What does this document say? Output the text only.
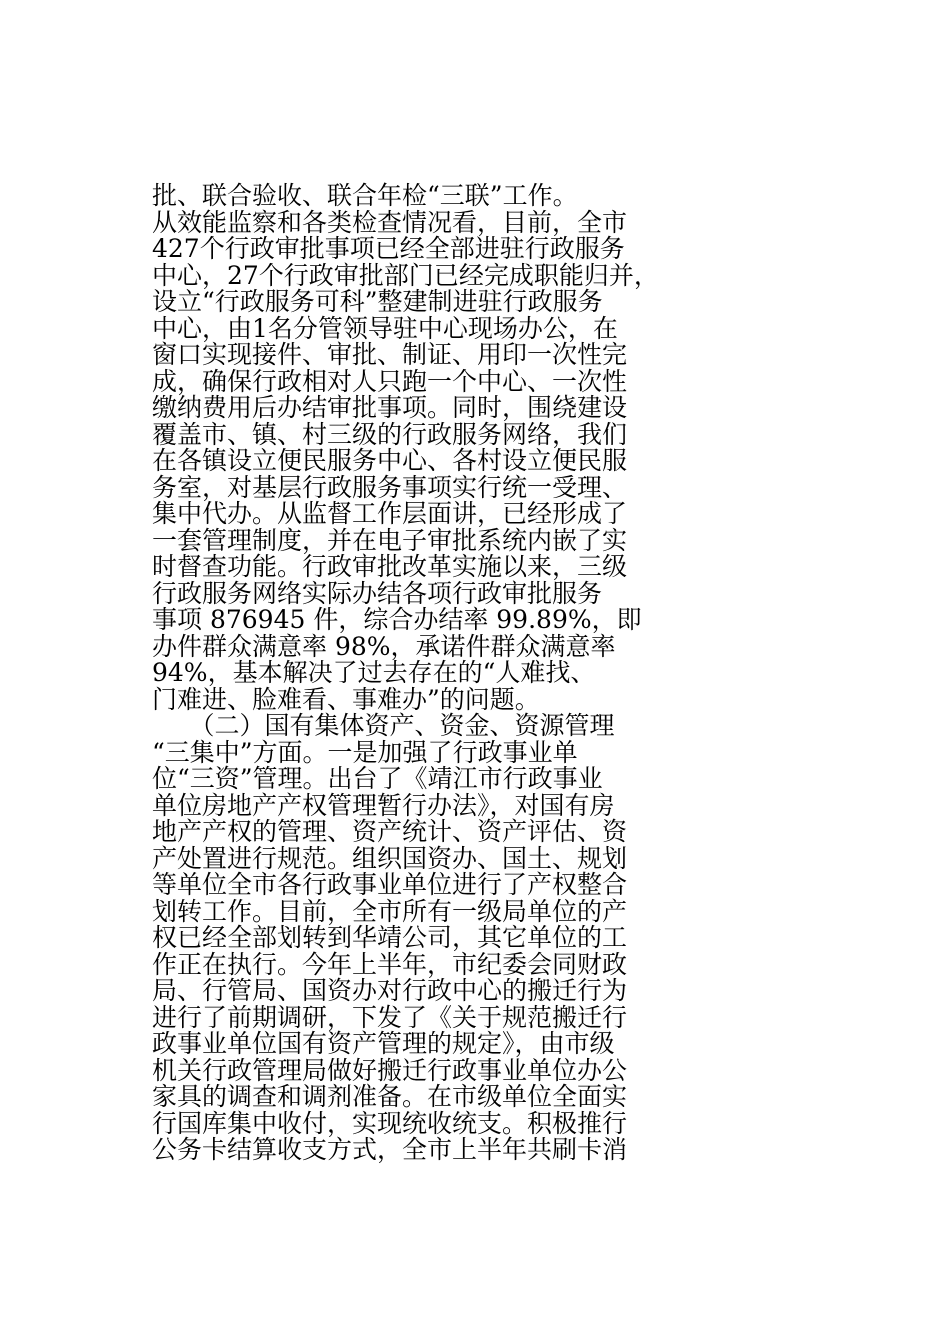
批、联合验收、联合年检“三联”工作。
从效能监察和各类检查情况看，目前，全市
427个行政审批事项已经全部进驻行政服务
中心，27个行政审批部门已经完成职能归并，
设立“行政服务可科”整建制进驻行政服务
中心，由1名分管领导驻中心现场办公，在
窗口实现接件、审批、制证、用印一次性完
成，确保行政相对人只跑一个中心、一次性
缴纳费用后办结审批事项。同时，围绕建设
覆盖市、镇、村三级的行政服务网络，我们
在各镇设立便民服务中心、各村设立便民服
务室，对基层行政服务事项实行统一受理、
集中代办。从监督工作层面讲，已经形成了
一套管理制度，并在电子审批系统内嵌了实
时督查功能。行政审批改革实施以来，三级
行政服务网络实际办结各项行政审批服务
事项 876945 件，综合办结率 99.89%，即
办件群众满意率 98%，承诺件群众满意率
94%，基本解决了过去存在的“人难找、
门难进、脸难看、事难办”的问题。
　　（二）国有集体资产、资金、资源管理
“三集中”方面。一是加强了行政事业单
位“三资”管理。出台了《靖江市行政事业
单位房地产产权管理暂行办法》，对国有房
地产产权的管理、资产统计、资产评估、资
产处置进行规范。组织国资办、国土、规划
等单位全市各行政事业单位进行了产权整合
划转工作。目前，全市所有一级局单位的产
权已经全部划转到华靖公司，其它单位的工
作正在执行。今年上半年，市纪委会同财政
局、行管局、国资办对行政中心的搬迁行为
进行了前期调研，下发了《关于规范搬迁行
政事业单位国有资产管理的规定》，由市级
机关行政管理局做好搬迁行政事业单位办公
家具的调查和调剂准备。在市级单位全面实
行国库集中收付，实现统收统支。积极推行
公务卡结算收支方式，全市上半年共刷卡消
